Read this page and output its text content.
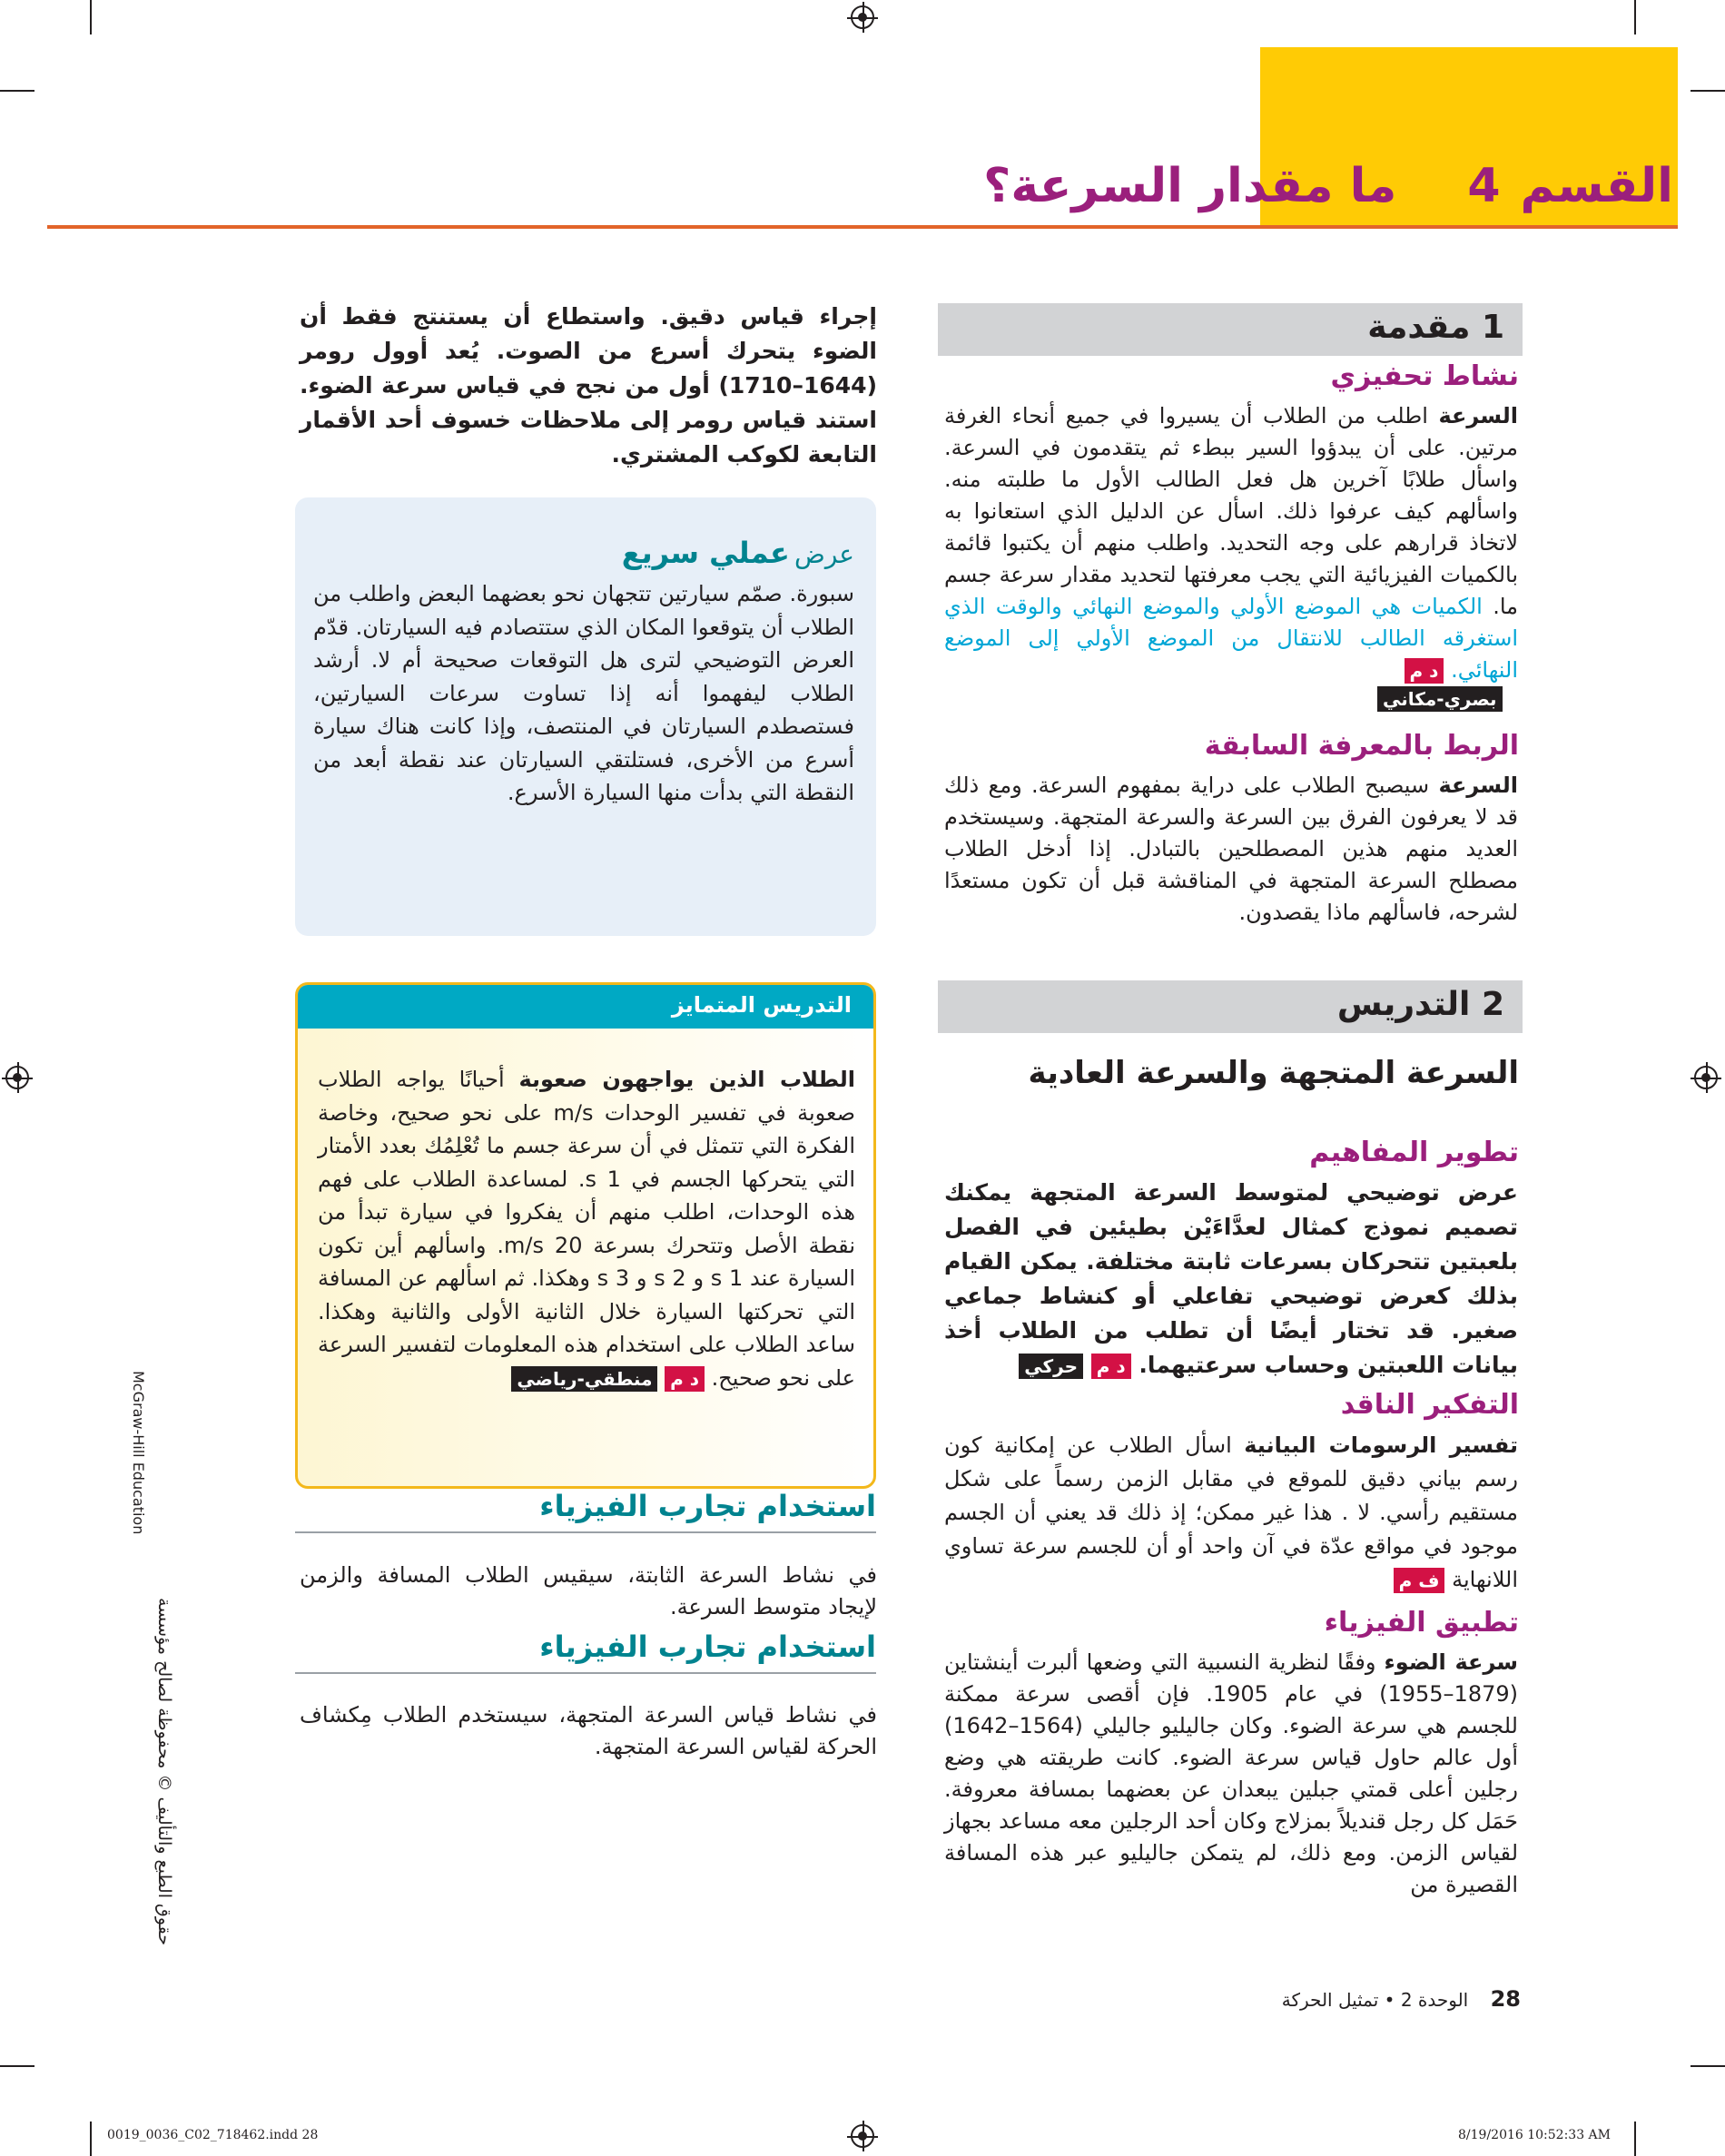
القسم
4
ما مقدار السرعة؟
1 مقدمة
نشاط تحفيزي
السرعة اطلب من الطلاب أن يسيروا في جميع أنحاء الغرفة مرتين. على أن يبدؤوا السير ببطء ثم يتقدمون في السرعة. واسأل طلابًا آخرين هل فعل الطالب الأول ما طلبته منه. واسألهم كيف عرفوا ذلك. اسأل عن الدليل الذي استعانوا به لاتخاذ قرارهم على وجه التحديد. واطلب منهم أن يكتبوا قائمة بالكميات الفيزيائية التي يجب معرفتها لتحديد مقدار سرعة جسم ما. الكميات هي الموضع الأولي والموضع النهائي والوقت الذي استغرقه الطالب للانتقال من الموضع الأولي إلى الموضع النهائي. د م
بصري-مكاني
الربط بالمعرفة السابقة
السرعة سيصبح الطلاب على دراية بمفهوم السرعة. ومع ذلك قد لا يعرفون الفرق بين السرعة والسرعة المتجهة. وسيستخدم العديد منهم هذين المصطلحين بالتبادل. إذا أدخل الطلاب مصطلح السرعة المتجهة في المناقشة قبل أن تكون مستعدًا لشرحه، فاسألهم ماذا يقصدون.
2 التدريس
السرعة المتجهة والسرعة العادية
تطوير المفاهيم
عرض توضيحي لمتوسط السرعة المتجهة يمكنك تصميم نموذج كمثال لعدَّاءَيْن بطيئين في الفصل بلعبتين تتحركان بسرعات ثابتة مختلفة. يمكن القيام بذلك كعرض توضيحي تفاعلي أو كنشاط جماعي صغير. قد تختار أيضًا أن تطلب من الطلاب أخذ بيانات اللعبتين وحساب سرعتيهما. د م حركي
التفكير الناقد
تفسير الرسومات البيانية اسأل الطلاب عن إمكانية كون رسم بياني دقيق للموقع في مقابل الزمن رسماً على شكل مستقيم رأسي. لا . هذا غير ممكن؛ إذ ذلك قد يعني أن الجسم موجود في مواقع عدّة في آن واحد أو أن للجسم سرعة تساوي اللانهاية ف م
تطبيق الفيزياء
سرعة الضوء وفقًا لنظرية النسبية التي وضعها ألبرت أينشتاين (1879–1955) في عام 1905. فإن أقصى سرعة ممكنة للجسم هي سرعة الضوء. وكان جاليليو جاليلي (1564–1642) أول عالم حاول قياس سرعة الضوء. كانت طريقته هي وضع رجلين أعلى قمتي جبلين يبعدان عن بعضهما بمسافة معروفة. حَمَل كل رجل قنديلاً بمزلاج وكان أحد الرجلين معه مساعد بجهاز لقياس الزمن. ومع ذلك، لم يتمكن جاليليو عبر هذه المسافة القصيرة من
إجراء قياس دقيق. واستطاع أن يستنتج فقط أن الضوء يتحرك أسرع من الصوت. يُعد أوول رومر (1644–1710) أول من نجح في قياس سرعة الضوء. استند قياس رومر إلى ملاحظات خسوف أحد الأقمار التابعة لكوكب المشتري.
عرض عملي سريع
سبورة. صمّم سيارتين تتجهان نحو بعضهما البعض واطلب من الطلاب أن يتوقعوا المكان الذي ستتصادم فيه السيارتان. قدّم العرض التوضيحي لترى هل التوقعات صحيحة أم لا. أرشد الطلاب ليفهموا أنه إذا تساوت سرعات السيارتين، فستصطدم السيارتان في المنتصف، وإذا كانت هناك سيارة أسرع من الأخرى، فستلتقي السيارتان عند نقطة أبعد من النقطة التي بدأت منها السيارة الأسرع.
التدريس المتمايز
الطلاب الذين يواجهون صعوبة أحيانًا يواجه الطلاب صعوبة في تفسير الوحدات m/s على نحو صحيح، وخاصة الفكرة التي تتمثل في أن سرعة جسم ما تُعْلِمُك بعدد الأمتار التي يتحركها الجسم في s 1. لمساعدة الطلاب على فهم هذه الوحدات، اطلب منهم أن يفكروا في سيارة تبدأ من نقطة الأصل وتتحرك بسرعة 20 m/s. واسألهم أين تكون السيارة عند s 1 و s 2 و s 3 وهكذا. ثم اسألهم عن المسافة التي تحركتها السيارة خلال الثانية الأولى والثانية وهكذا. ساعد الطلاب على استخدام هذه المعلومات لتفسير السرعة على نحو صحيح. د م منطقي-رياضي
استخدام تجارب الفيزياء
في نشاط السرعة الثابتة، سيقيس الطلاب المسافة والزمن لإيجاد متوسط السرعة.
استخدام تجارب الفيزياء
في نشاط قياس السرعة المتجهة، سيستخدم الطلاب مِكشاف الحركة لقياس السرعة المتجهة.
McGraw-Hill Education
حقوق الطبع والتأليف © محفوظة لصالح مؤسسة
28 الوحدة 2 • تمثيل الحركة
0019_0036_C02_718462.indd 28	8/19/2016 10:52:33 AM
